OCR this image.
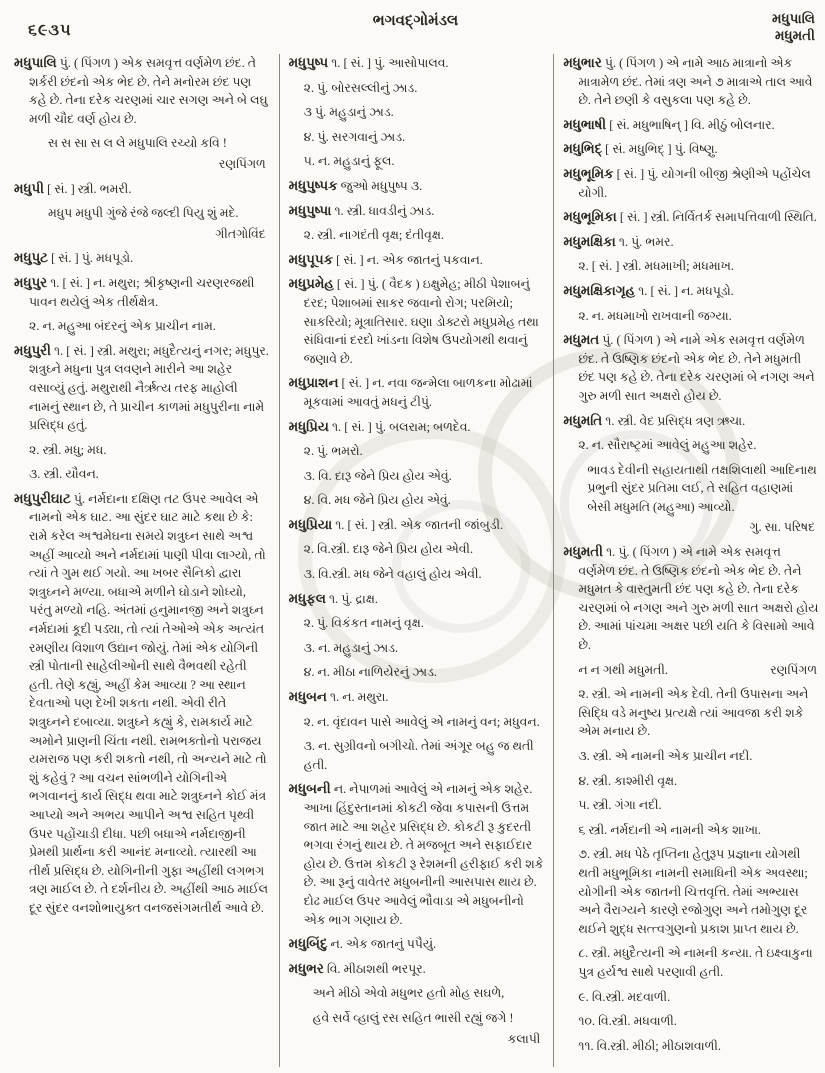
૬૯૩૫
ભગવદ્ગોમંડલ	મધુપાલિ
મધુમતી
મધુપાલિ પું. ( પિંગળ ) એક સમવૃત્ત વર્ણમેળ છંદ. તે શર્કરી છંદનો એક ભેદ છે. તેને મનોરમ છંદ પણ કહે છે. તેના દરેક ચરણમાં ચાર સગણ અને બે લઘુ મળી ચૌદ વર્ણ હોય છે.
સ સ સા સ લ લે મધુપાલિ રચ્યો કવિ !
રણપિંગળ
મધુપી [ સં. ] સ્ત્રી. ભમરી.
મધુપ મધુપી ગુંજે રંજે જલ્દી પિયુ શું મદે.
ગીતગોવિંદ
મધુપુટ [ સં. ] પું. મધપૂડો.
મધુપુર ૧. [ સં. ] ન. મથુરા; શ્રીકૃષ્ણની ચરણરજથી પાવન થયેલું એક તીર્થક્ષેત્ર.
૨. ન. મહુઆ બંદરનું એક પ્રાચીન નામ.
મધુપુરી ૧. [ સં. ] સ્ત્રી. મથુરા; મધુદૈત્યનું નગર; મધુપુર. શત્રુઘ્ને મધુના પુત્ર લવણને મારીને આ શહેર વસાવ્યું હતું. મથુરાથી નૈર્ઋત્ય તરફ માહોલી નામનું સ્થાન છે, તે પ્રાચીન કાળમાં મધુપુરીના નામે પ્રસિદ્ધ હતું.
૨. સ્ત્રી. મધુ; મધ.
૩. સ્ત્રી. યૌવન.
મધુપુરીઘાટ પું. નર્મદાના દક્ષિણ તટ ઉપર આવેલ એ નામનો એક ઘાટ. આ સુંદર ઘાટ માટે કથા છે કે: રામે કરેલ અશ્વમેઘના સમયે શત્રુઘ્ન સાથે અશ્વ અહીં આવ્યો અને નર્મદામાં પાણી પીવા લાગ્યો, તો ત્યાં તે ગુમ થઈ ગયો. આ ખબર સૈનિકો દ્વારા શત્રુઘ્નને મળ્યા. બધાએ મળીને ઘોડાને શોધ્યો, પરંતુ મળ્યો નહિ. અંતમાં હનુમાનજી અને શત્રુઘ્ન નર્મદામાં કૂદી પડ્યા, તો ત્યાં તેઓએ એક અત્યંત રમણીય વિશાળ ઉદ્યાન જોયું. તેમાં એક યોગિની સ્ત્રી પોતાની સાહેલીઓની સાથે વૈભવથી રહેતી હતી. તેણે કહ્યું, અહીં કેમ આવ્યા ? આ સ્થાન દેવતાઓ પણ દેખી શકતા નથી. એવી રીતે શત્રુઘ્નને દબાવ્યા. શત્રુઘ્ને કહ્યું કે, રામકાર્ય માટે અમોને પ્રાણની ચિંતા નથી. રામભક્તોનો પરાજય યમરાજ પણ કરી શકતો નથી, તો અન્યને માટે તો શું કહેવું ? આ વચન સાંભળીને યોગિનીએ ભગવાનનું કાર્ય સિદ્ધ થવા માટે શત્રુઘ્નને કોઈ મંત્ર આપ્યો અને અભય આપીને અશ્વ સહિત પૃથ્વી ઉપર પહોંચાડી દીધા. પછી બધાએ નર્મદાજીની પ્રેમથી પ્રાર્થના કરી આનંદ મનાવ્યો. ત્યારથી આ તીર્થ પ્રસિદ્ધ છે. યોગિનીની ગુફા અહીંથી લગભગ ત્રણ માઈલ છે. તે દર્શનીય છે. અહીંથી આઠ માઈલ દૂર સુંદર વનશોભાયુક્ત વનજસંગમતીર્થ આવે છે.
મધુપુષ્પ ૧. [ સં. ] પું. આસોપાલવ.
૨. પું. બોરસલ્લીનું ઝાડ.
૩ પું. મહુડાનું ઝાડ.
૪. પું. સરગવાનું ઝાડ.
૫. ન. મહુડાનું ફૂલ.
મધુપુષ્પક જુઓ મધુપુષ્પ ૩.
મધુપુષ્પા ૧. સ્ત્રી. ધાવડીનું ઝાડ.
૨. સ્ત્રી. નાગદંતી વૃક્ષ; દંતીવૃક્ષ.
મધુપૂપક [ સં. ] ન. એક જાતનું પકવાન.
મધુપ્રમેહ [ સં. ] પું. ( વૈદક ) ઇક્ષુમેહ; મીઠી પેશાબનું દરદ; પેશાબમાં સાકર જવાનો રોગ; પરમિયો; સાકરિયો; મૂત્રાતિસાર. ઘણા ડોક્ટરો મધુપ્રમેહ તથા સંધિવાનાં દરદો ખાંડના વિશેષ ઉપયોગથી થવાનું જણાવે છે.
મધુપ્રાશન [ સં. ] ન. નવા જન્મેલા બાળકના મોઢામાં મૂકવામાં આવતું મધનું ટીપું.
મધુપ્રિય ૧. [ સં. ] પું. બલરામ; બળદેવ.
૨. પું. ભમરો.
૩. વિ. દારૂ જેને પ્રિય હોય એવું.
૪. વિ. મધ જેને પ્રિય હોય એવું.
મધુપ્રિયા ૧. [ સં. ] સ્ત્રી. એક જાતની જાંબુડી.
૨. વિ.સ્ત્રી. દારૂ જેને પ્રિય હોય એવી.
૩. વિ.સ્ત્રી. મધ જેને વહાલું હોય એવી.
મધુફલ ૧. પું. દ્રાક્ષ.
૨. પું. વિકંકત નામનું વૃક્ષ.
૩. ન. મહુડાનું ઝાડ.
૪. ન. મીઠા નાળિયેરનું ઝાડ.
મધુબન ૧. ન. મથુરા.
૨. ન. વૃંદાવન પાસે આવેલું એ નામનું વન; મધુવન.
૩. ન. સુગ્રીવનો બગીચો. તેમાં અંગૂર બહુ જ થતી હતી.
મધુબની ન. નેપાળમાં આવેલું એ નામનું એક શહેર. આખા હિંદુસ્તાનમાં કોકટી જેવા કપાસની ઉત્તમ જાત માટે આ શહેર પ્રસિદ્ધ છે. કોકટી રૂ કુદરતી ભગવા રંગનું થાય છે. તે મજબૂત અને સફાઈદાર હોય છે. ઉત્તમ કોકટી રૂ રેશમની હરીફાઈ કરી શકે છે. આ રૂનું વાવેતર મધુબનીની આસપાસ થાય છે. દોઢ માઈલ ઉપર આવેલું ભૌવાડા એ મધુબનીનો એક ભાગ ગણાય છે.
મધુબિંદુ ન. એક જાતનું પપૈયું.
મધુભર વિ. મીઠાશથી ભરપૂર.
અને મીઠો એવો મધુભર હતો મોહ સઘળે,
હવે સર્વે વ્હાલું રસ સહિત ભાસી રહ્યું જગે !
કલાપી
મધુભાર પું. ( પિંગળ ) એ નામે આઠ માત્રાનો એક માત્રામેળ છંદ. તેમાં ત્રણ અને ૭ માત્રાએ તાલ આવે છે. તેને છણી કે વસુકલા પણ કહે છે.
મધુભાષી [ સં. મધુભાષિન્ ] વિ. મીઠું બોલનાર.
મધુભિદ્ [ સં. મધુભિદ્ ] પું. વિષ્ણુ.
મધુભૂમિક [ સં. ] પું. યોગની બીજી શ્રેણીએ પહોંચેલ યોગી.
મધુભૂમિકા [ સં. ] સ્ત્રી. નિર્વિતર્ક સમાપત્તિવાળી સ્થિતિ.
મધુમક્ષિકા ૧. પું. ભમર.
૨. [ સં. ] સ્ત્રી. મધમાખી; મધમાખ.
મધુમક્ષિકાગૃહ ૧. [ સં. ] ન. મધપૂડો.
૨. ન. મધમાખો રાખવાની જગ્યા.
મધુમત પું. ( પિંગળ ) એ નામે એક સમવૃત્ત વર્ણમેળ છંદ. તે ઉષ્ણિક છંદનો એક ભેદ છે. તેને મધુમતી છંદ પણ કહે છે. તેના દરેક ચરણમાં બે નગણ અને ગુરુ મળી સાત અક્ષરો હોય છે.
મધુમતિ ૧. સ્ત્રી. વેદ પ્રસિદ્ધ ત્રણ ઋચા.
૨. ન. સૌરાષ્ટ્રમાં આવેલું મહુઆ શહેર.
ભાવડ દેવીની સહાયતાથી તક્ષશિલાથી આદિનાથ પ્રભુની સુંદર પ્રતિમા લઈ, તે સહિત વહાણમાં બેસી મધુમતિ (મહુઆ) આવ્યો.
ગુ. સા. પરિષદ
મધુમતી ૧. પું. ( પિંગળ ) એ નામે એક સમવૃત્ત વર્ણમેળ છંદ. તે ઉષ્ણિક છંદનો એક ભેદ છે. તેને મધુમત કે વાસ્તુમતી છંદ પણ કહે છે. તેના દરેક ચરણમાં બે નગણ અને ગુરુ મળી સાત અક્ષરો હોય છે. આમાં પાંચમા અક્ષર પછી યતિ કે વિસામો આવે છે.
રણપિંગળ
ન ન ગથી મધુમતી.
૨. સ્ત્રી. એ નામની એક દેવી. તેની ઉપાસના અને સિદ્ધિ વડે મનુષ્ય પ્રત્યક્ષે ત્યાં આવજા કરી શકે એમ મનાય છે.
૩. સ્ત્રી. એ નામની એક પ્રાચીન નદી.
૪. સ્ત્રી. કાશ્મીરી વૃક્ષ.
૫. સ્ત્રી. ગંગા નદી.
૬ સ્ત્રી. નર્મદાની એ નામની એક શાખા.
૭. સ્ત્રી. મધ પેઠે તૃપ્તિના હેતુરૂપ પ્રજ્ઞાના યોગથી થતી મધુભૂમિકા નામની સમાધિની એક અવસ્થા; યોગીની એક જાતની ચિત્તવૃત્તિ. તેમાં અભ્યાસ અને વૈરાગ્યને કારણે રજોગુણ અને તમોગુણ દૂર થઈને શુદ્ધ સત્ત્વગુણનો પ્રકાશ પ્રાપ્ત થાય છે.
૮. સ્ત્રી. મધુદૈત્યની એ નામની કન્યા. તે ઇક્ષ્વાકુના પુત્ર હર્યશ્વ સાથે પરણાવી હતી.
૯. વિ.સ્ત્રી. મદવાળી.
૧૦. વિ.સ્ત્રી. મધવાળી.
૧૧. વિ.સ્ત્રી. મીઠી; મીઠાશવાળી.
